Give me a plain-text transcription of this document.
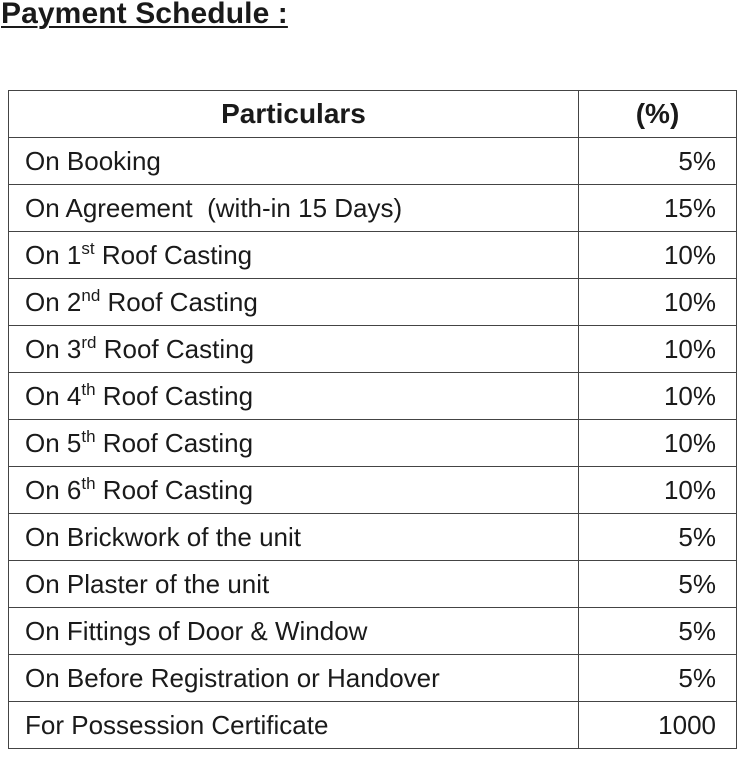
Payment Schedule :
Particulars	(%)
On Booking	5%
On Agreement  (with-in 15 Days)	15%
On 1st Roof Casting	10%
On 2nd Roof Casting	10%
On 3rd Roof Casting	10%
On 4th Roof Casting	10%
On 5th Roof Casting	10%
On 6th Roof Casting	10%
On Brickwork of the unit	5%
On Plaster of the unit	5%
On Fittings of Door & Window	5%
On Before Registration or Handover	5%
For Possession Certificate	1000
